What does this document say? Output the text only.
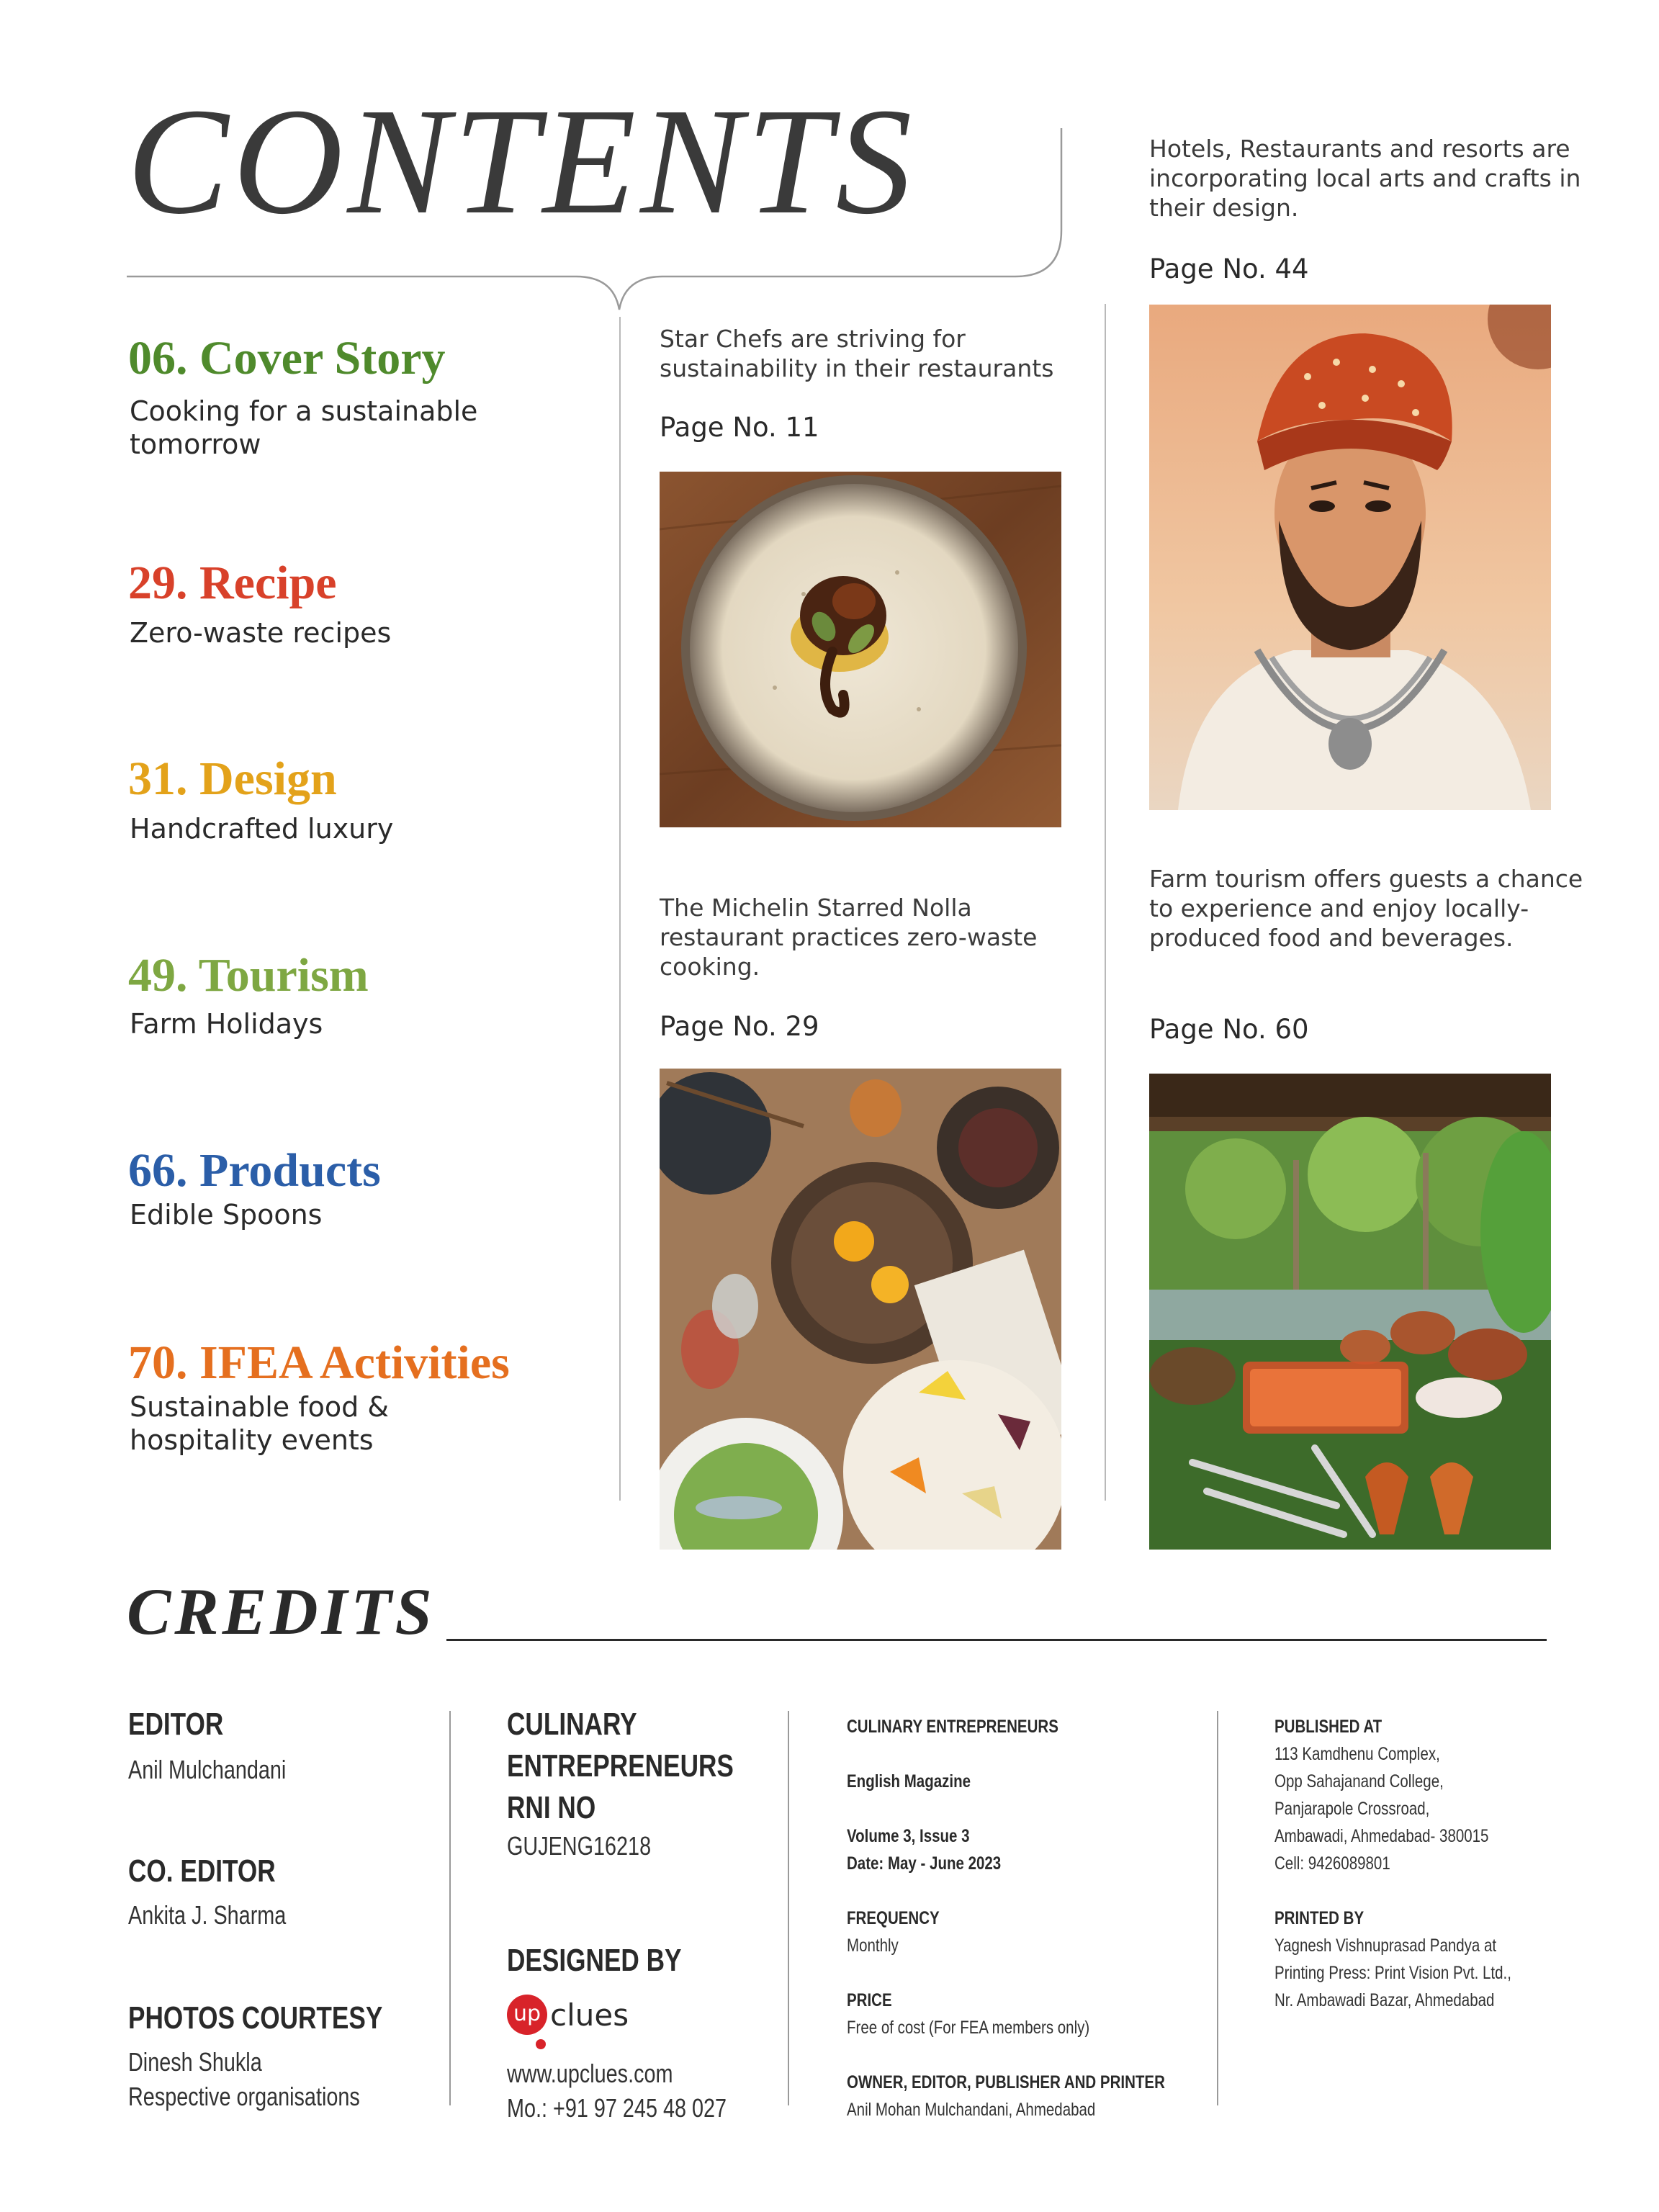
CONTENTS
06. Cover Story
Cooking for a sustainable tomorrow
29. Recipe
Zero-waste recipes
31. Design
Handcrafted luxury
49. Tourism
Farm Holidays
66. Products
Edible Spoons
70. IFEA Activities
Sustainable food & hospitality events
Star Chefs are striving for sustainability in their restaurants
Page No. 11
The Michelin Starred Nolla restaurant practices zero-waste cooking.
Page No. 29
Hotels, Restaurants and resorts are incorporating local arts and crafts in their design.
Page No. 44
Farm tourism offers guests a chance to experience and enjoy locally-produced food and beverages.
Page No. 60
CREDITS
EDITOR
Anil Mulchandani
CO. EDITOR
Ankita J. Sharma
PHOTOS COURTESY
Dinesh Shukla
Respective organisations
CULINARY
ENTREPRENEURS
RNI NO
GUJENG16218
DESIGNED BY
up clues
www.upclues.com
Mo.: +91 97 245 48 027
CULINARY ENTREPRENEURS
English Magazine
Volume 3, Issue 3
Date: May - June 2023
FREQUENCY
Monthly
PRICE
Free of cost (For FEA members only)
OWNER, EDITOR, PUBLISHER AND PRINTER
Anil Mohan Mulchandani, Ahmedabad
PUBLISHED AT
113 Kamdhenu Complex,
Opp Sahajanand College,
Panjarapole Crossroad,
Ambawadi, Ahmedabad- 380015
Cell: 9426089801
PRINTED BY
Yagnesh Vishnuprasad Pandya at
Printing Press: Print Vision Pvt. Ltd.,
Nr. Ambawadi Bazar, Ahmedabad
